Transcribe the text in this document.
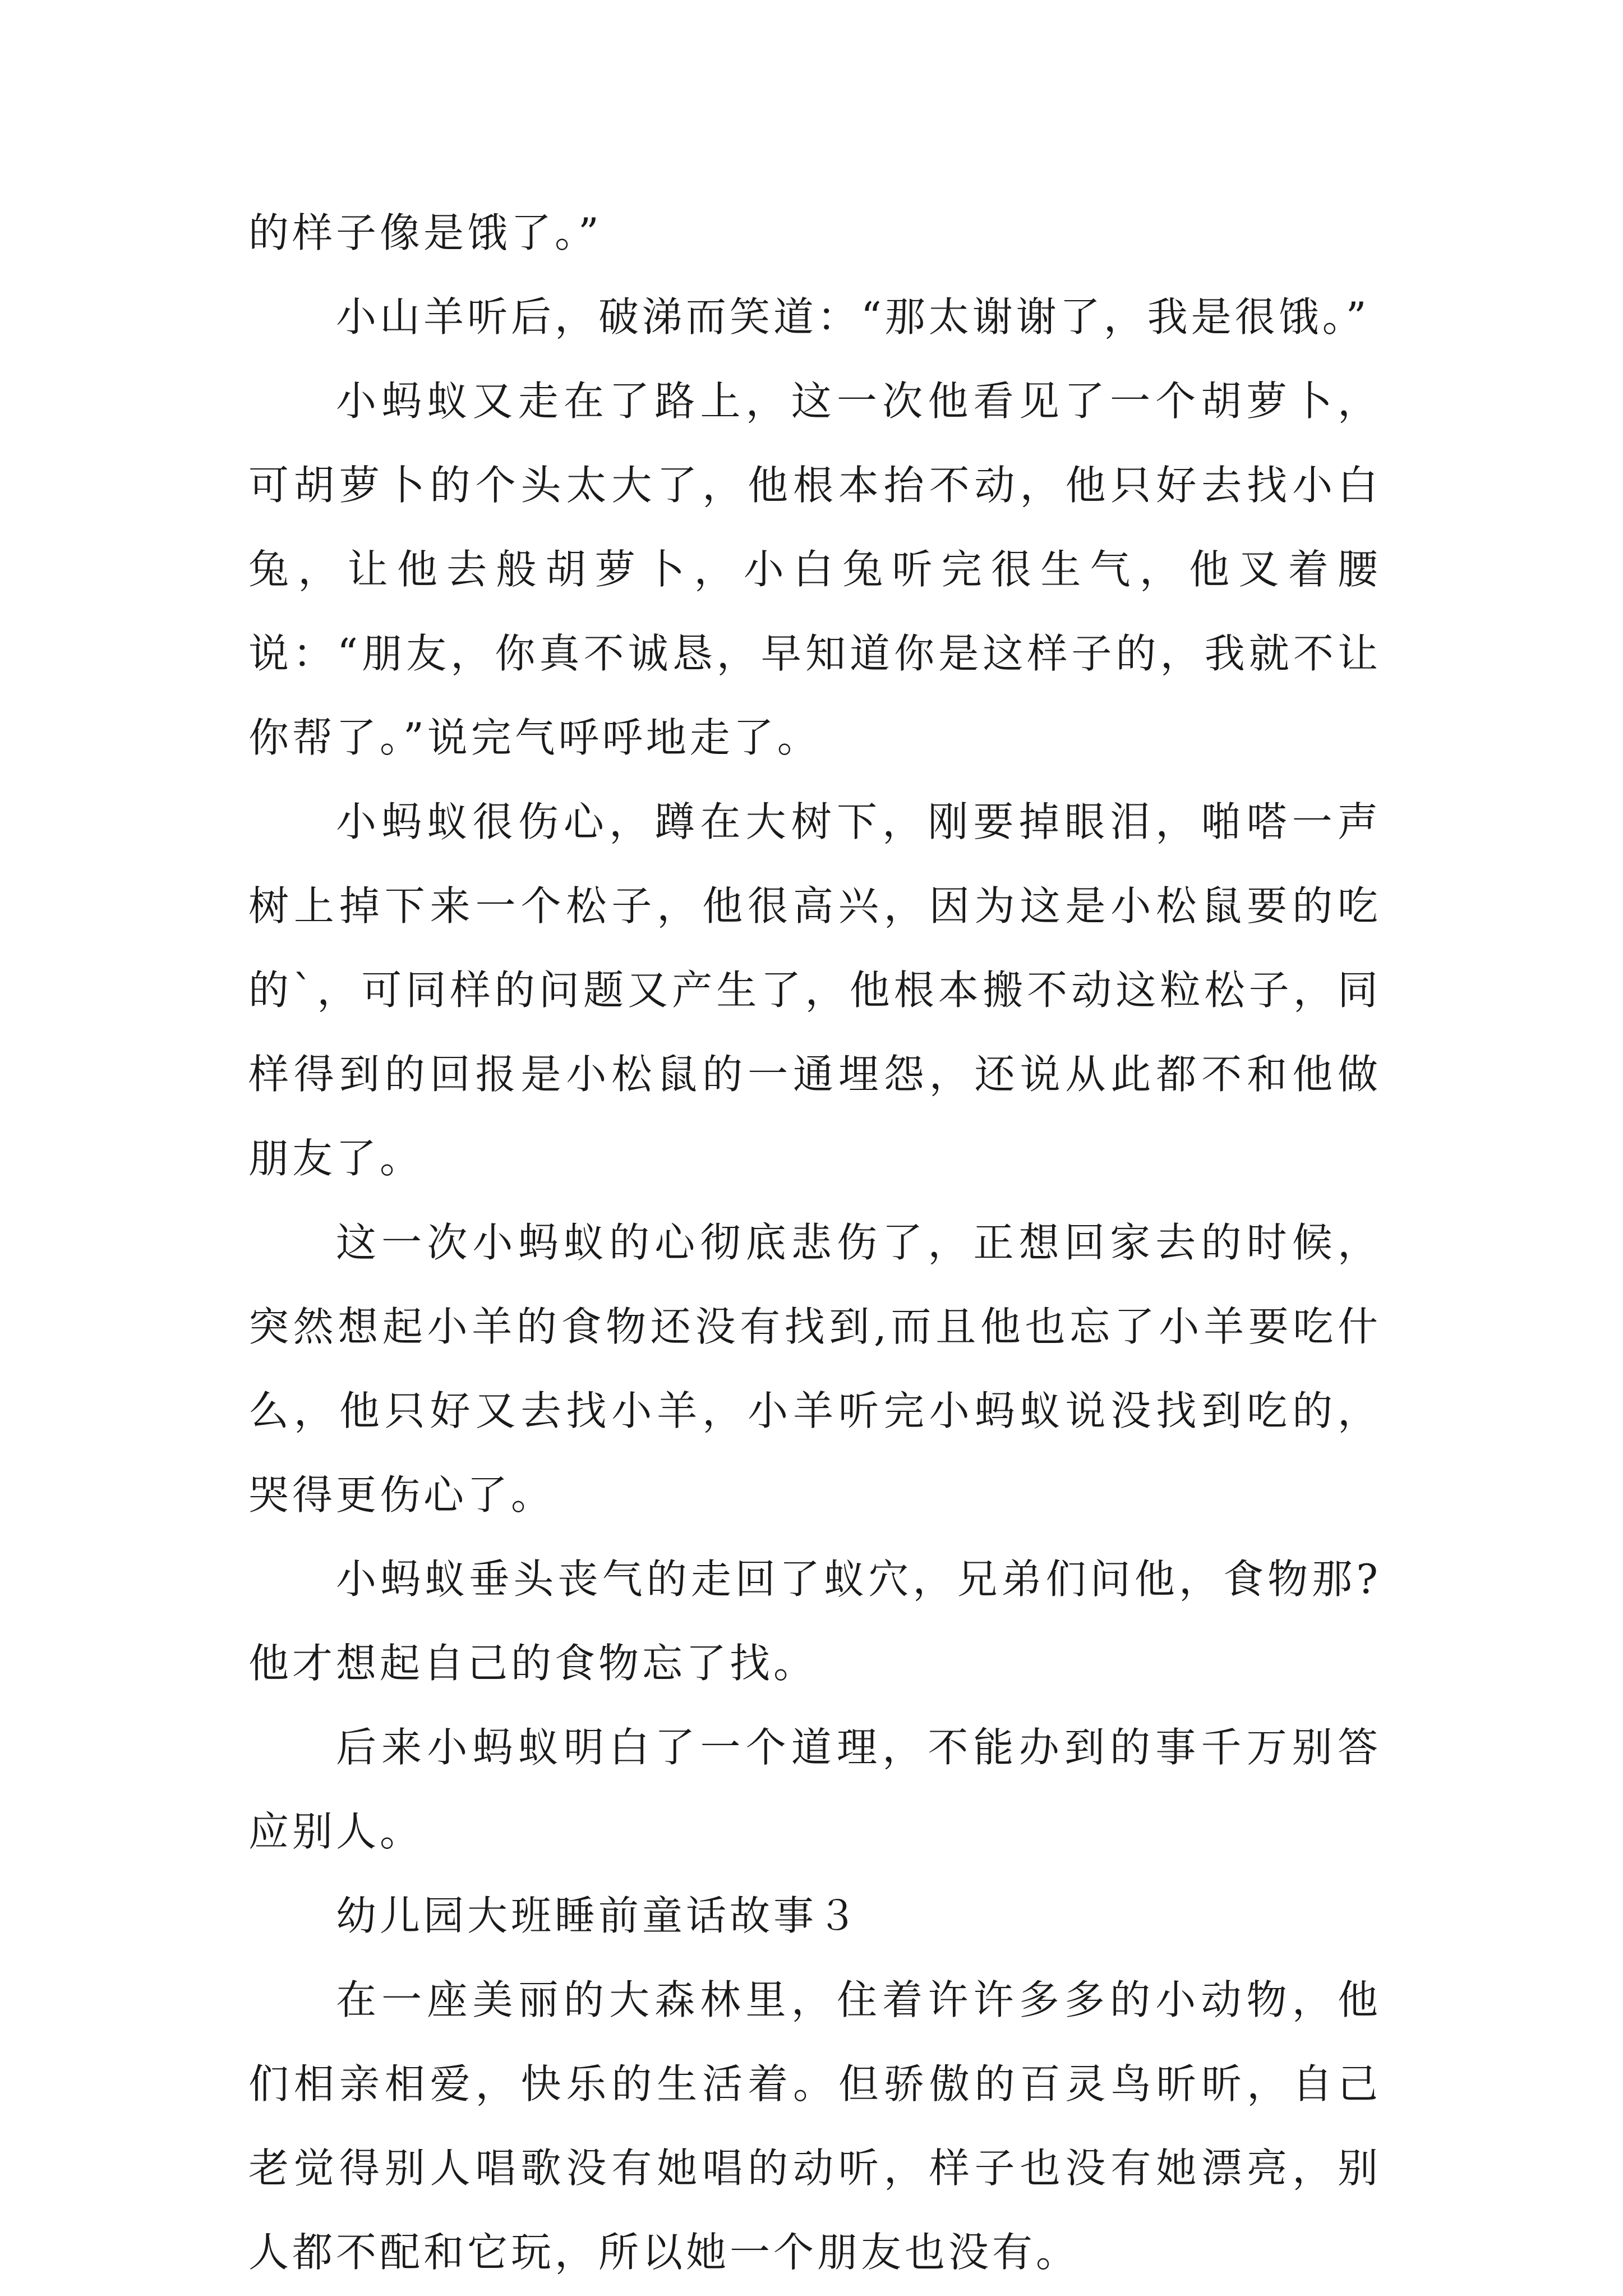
的样子像是饿了。”

小山羊听后，破涕而笑道：“那太谢谢了，我是很饿。”

小蚂蚁又走在了路上，这一次他看见了一个胡萝卜，可胡萝卜的个头太大了，他根本抬不动，他只好去找小白兔，让他去般胡萝卜，小白兔听完很生气，他叉着腰说：“朋友，你真不诚恳，早知道你是这样子的，我就不让你帮了。”说完气呼呼地走了。

小蚂蚁很伤心，蹲在大树下，刚要掉眼泪，啪嗒一声树上掉下来一个松子，他很高兴，因为这是小松鼠要的吃的`，可同样的问题又产生了，他根本搬不动这粒松子，同样得到的回报是小松鼠的一通埋怨，还说从此都不和他做朋友了。

这一次小蚂蚁的心彻底悲伤了，正想回家去的时候，突然想起小羊的食物还没有找到,而且他也忘了小羊要吃什么，他只好又去找小羊，小羊听完小蚂蚁说没找到吃的，哭得更伤心了。

小蚂蚁垂头丧气的走回了蚁穴，兄弟们问他，食物那?他才想起自己的食物忘了找。

后来小蚂蚁明白了一个道理，不能办到的事千万别答应别人。

幼儿园大班睡前童话故事３

在一座美丽的大森林里，住着许许多多的小动物，他们相亲相爱，快乐的生活着。但骄傲的百灵鸟昕昕，自己老觉得别人唱歌没有她唱的动听，样子也没有她漂亮，别人都不配和它玩，所以她一个朋友也没有。
